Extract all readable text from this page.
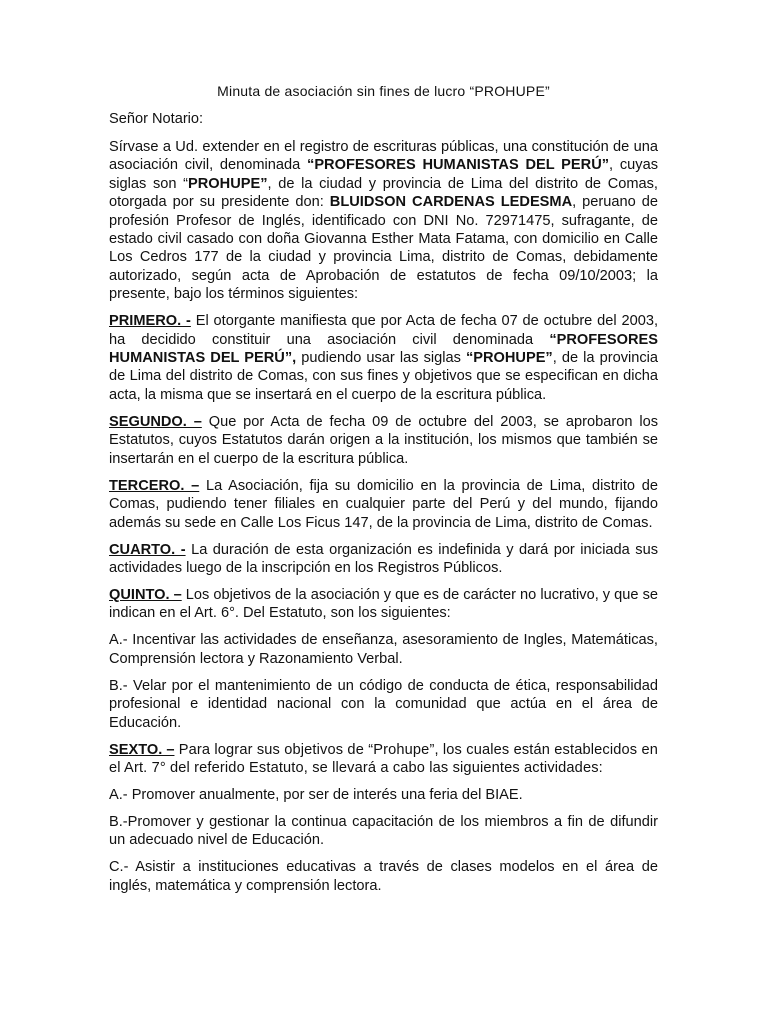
Minuta de asociación sin fines de lucro “PROHUPE”

Señor Notario:

Sírvase a Ud. extender en el registro de escrituras públicas, una constitución de una asociación civil, denominada “PROFESORES HUMANISTAS DEL PERÚ”, cuyas siglas son “PROHUPE”, de la ciudad y provincia de Lima del distrito de Comas, otorgada por su presidente don: BLUIDSON CARDENAS LEDESMA, peruano de profesión Profesor de Inglés, identificado con DNI No. 72971475, sufragante, de estado civil casado con doña Giovanna Esther Mata Fatama, con domicilio en Calle Los Cedros 177 de la ciudad y provincia Lima, distrito de Comas, debidamente autorizado, según acta de Aprobación de estatutos de fecha 09/10/2003; la presente, bajo los términos siguientes:

PRIMERO. - El otorgante manifiesta que por Acta de fecha 07 de octubre del 2003, ha decidido constituir una asociación civil denominada “PROFESORES HUMANISTAS DEL PERÚ”, pudiendo usar las siglas “PROHUPE”, de la provincia de Lima del distrito de Comas, con sus fines y objetivos que se especifican en dicha acta, la misma que se insertará en el cuerpo de la escritura pública.

SEGUNDO. – Que por Acta de fecha 09 de octubre del 2003, se aprobaron los Estatutos, cuyos Estatutos darán origen a la institución, los mismos que también se insertarán en el cuerpo de la escritura pública.

TERCERO. – La Asociación, fija su domicilio en la provincia de Lima, distrito de Comas, pudiendo tener filiales en cualquier parte del Perú y del mundo, fijando además su sede en Calle Los Ficus 147, de la provincia de Lima, distrito de Comas.

CUARTO. - La duración de esta organización es indefinida y dará por iniciada sus actividades luego de la inscripción en los Registros Públicos.

QUINTO. – Los objetivos de la asociación y que es de carácter no lucrativo, y que se indican en el Art. 6°. Del Estatuto, son los siguientes:

A.- Incentivar las actividades de enseñanza, asesoramiento de Ingles, Matemáticas, Comprensión lectora y Razonamiento Verbal.

B.- Velar por el mantenimiento de un código de conducta de ética, responsabilidad profesional e identidad nacional con la comunidad que actúa en el área de Educación.

SEXTO. – Para lograr sus objetivos de “Prohupe”, los cuales están establecidos en el Art. 7° del referido Estatuto, se llevará a cabo las siguientes actividades:

A.- Promover anualmente, por ser de interés una feria del BIAE.

B.-Promover y gestionar la continua capacitación de los miembros a fin de difundir un adecuado nivel de Educación.

C.- Asistir a instituciones educativas a través de clases modelos en el área de inglés, matemática y comprensión lectora.
